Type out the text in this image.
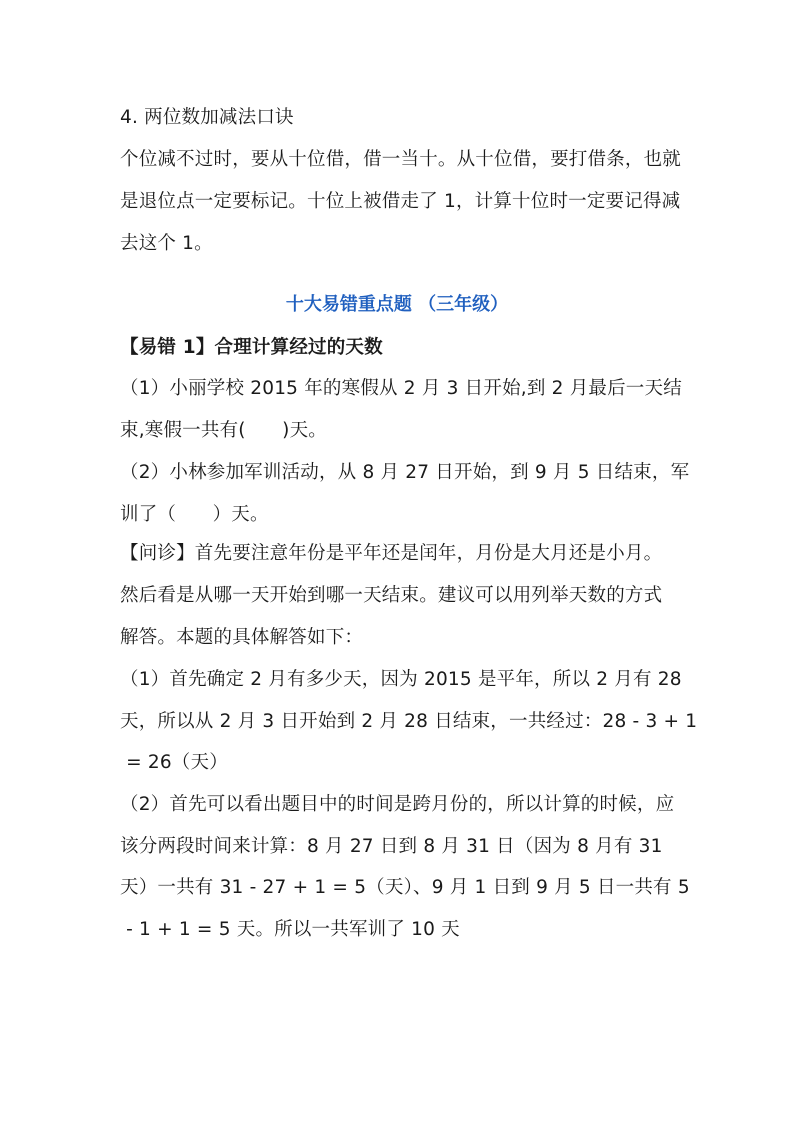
4. 两位数加减法口诀
个位减不过时，要从十位借，借一当十。从十位借，要打借条，也就
是退位点一定要标记。十位上被借走了 1，计算十位时一定要记得减
去这个 1。
十大易错重点题 （三年级）
【易错 1】合理计算经过的天数
（1）小丽学校 2015 年的寒假从 2 月 3 日开始,到 2 月最后一天结
束,寒假一共有(      )天。
（2）小林参加军训活动，从 8 月 27 日开始，到 9 月 5 日结束，军
训了（      ）天。
【问诊】首先要注意年份是平年还是闰年，月份是大月还是小月。
然后看是从哪一天开始到哪一天结束。建议可以用列举天数的方式
解答。本题的具体解答如下：
（1）首先确定 2 月有多少天，因为 2015 是平年，所以 2 月有 28
天，所以从 2 月 3 日开始到 2 月 28 日结束，一共经过：28 - 3 + 1
= 26（天）
（2）首先可以看出题目中的时间是跨月份的，所以计算的时候，应
该分两段时间来计算：8 月 27 日到 8 月 31 日（因为 8 月有 31
天）一共有 31 - 27 + 1 = 5（天）、9 月 1 日到 9 月 5 日一共有 5
- 1 + 1 = 5 天。所以一共军训了 10 天
